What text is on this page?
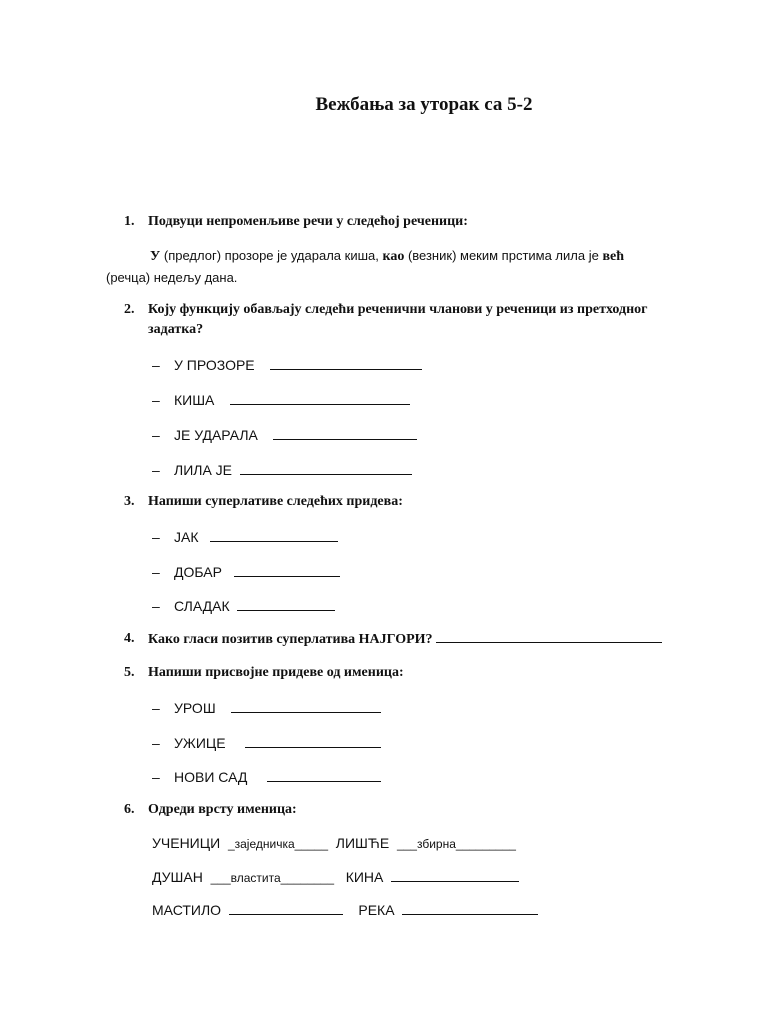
Вежбања за уторак са 5-2
1. Подвуци непроменљиве речи у следећој реченици:
У (предлог) прозоре је ударала киша, као (везник) меким прстима лила је већ
(речца) недељу дана.
2. Коју функцију обављају следећи реченични чланови у реченици из претходног
задатка?
– У ПРОЗОРЕ
– КИША
– ЈЕ УДАРАЛА
– ЛИЛА ЈЕ
3. Напиши суперлативе следећих придева:
– ЈАК
– ДОБАР
– СЛАДАК
4. Како гласи позитив суперлатива НАЈГОРИ?
5. Напиши присвојне придеве од именица:
– УРОШ
– УЖИЦЕ
– НОВИ САД
6. Одреди врсту именица:
УЧЕНИЦИ _заједничка_____ ЛИШЋЕ ___збирна_________
ДУШАН ___властита________ КИНА
МАСТИЛО	РЕКА
